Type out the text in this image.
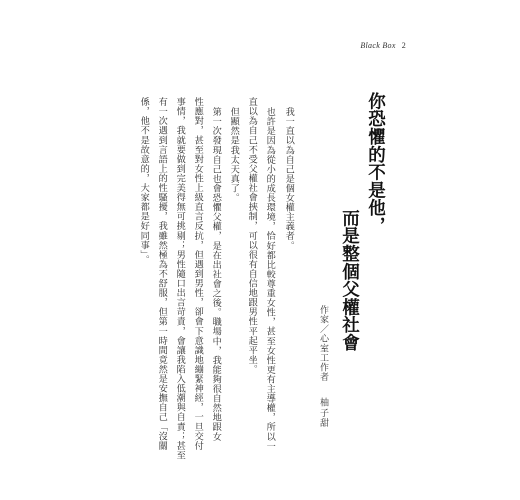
Black Box 2
你恐懼的不是他，
而是整個父權社會
作家／心室工作者柚子甜
我一直以為自己是個女權主義者。
也許是因為從小的成長環境，恰好都比較尊重女性，甚至女性更有主導權，所以一
直以為自己不受父權社會挾制，可以很有自信地跟男性平起平坐。
但顯然是我太天真了。
第一次發現自己也會恐懼父權，是在出社會之後。職場中，我能夠很自然地跟女
性應對，甚至對女性上級直言反抗，但遇到男性，卻會下意識地繃緊神經，一旦交付
事情，我就要做到完美得無可挑剔；男性隨口出言苛責，會讓我陷入低潮與自責；甚至
有一次遇到言語上的性騷擾，我雖然極為不舒服，但第一時間竟然是安撫自己「沒關
係，他不是故意的，大家都是好同事」。
